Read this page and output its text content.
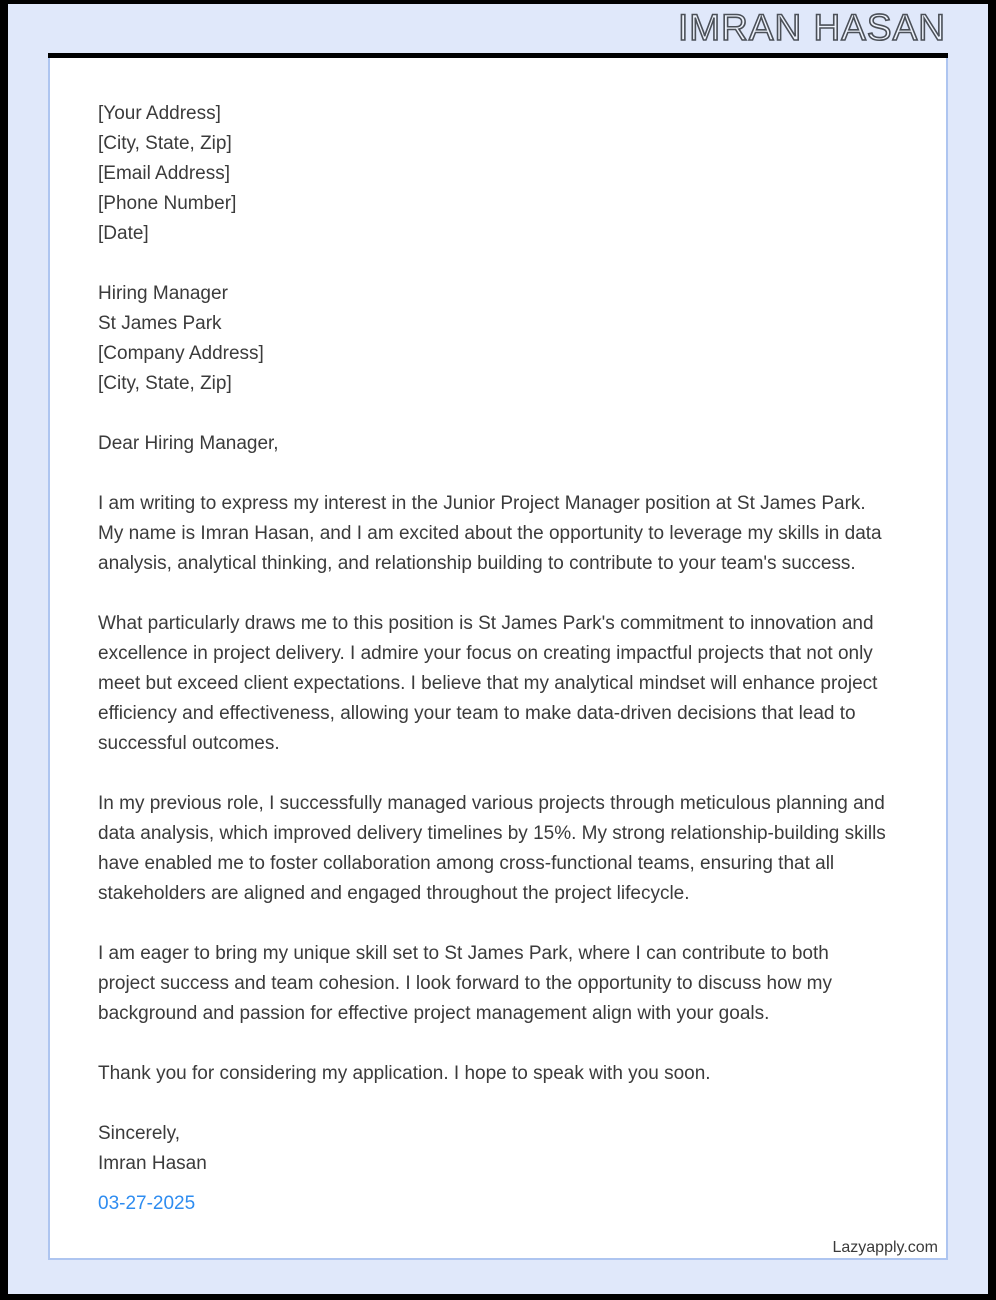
IMRAN HASAN
[Your Address]
[City, State, Zip]
[Email Address]
[Phone Number]
[Date]
Hiring Manager
St James Park
[Company Address]
[City, State, Zip]
Dear Hiring Manager,

I am writing to express my interest in the Junior Project Manager position at St James Park. My name is Imran Hasan, and I am excited about the opportunity to leverage my skills in data analysis, analytical thinking, and relationship building to contribute to your team's success.

What particularly draws me to this position is St James Park's commitment to innovation and excellence in project delivery. I admire your focus on creating impactful projects that not only meet but exceed client expectations. I believe that my analytical mindset will enhance project efficiency and effectiveness, allowing your team to make data-driven decisions that lead to successful outcomes.

In my previous role, I successfully managed various projects through meticulous planning and data analysis, which improved delivery timelines by 15%. My strong relationship-building skills have enabled me to foster collaboration among cross-functional teams, ensuring that all stakeholders are aligned and engaged throughout the project lifecycle.

I am eager to bring my unique skill set to St James Park, where I can contribute to both project success and team cohesion. I look forward to the opportunity to discuss how my background and passion for effective project management align with your goals.

Thank you for considering my application. I hope to speak with you soon.

Sincerely,
Imran Hasan
03-27-2025
Lazyapply.com
